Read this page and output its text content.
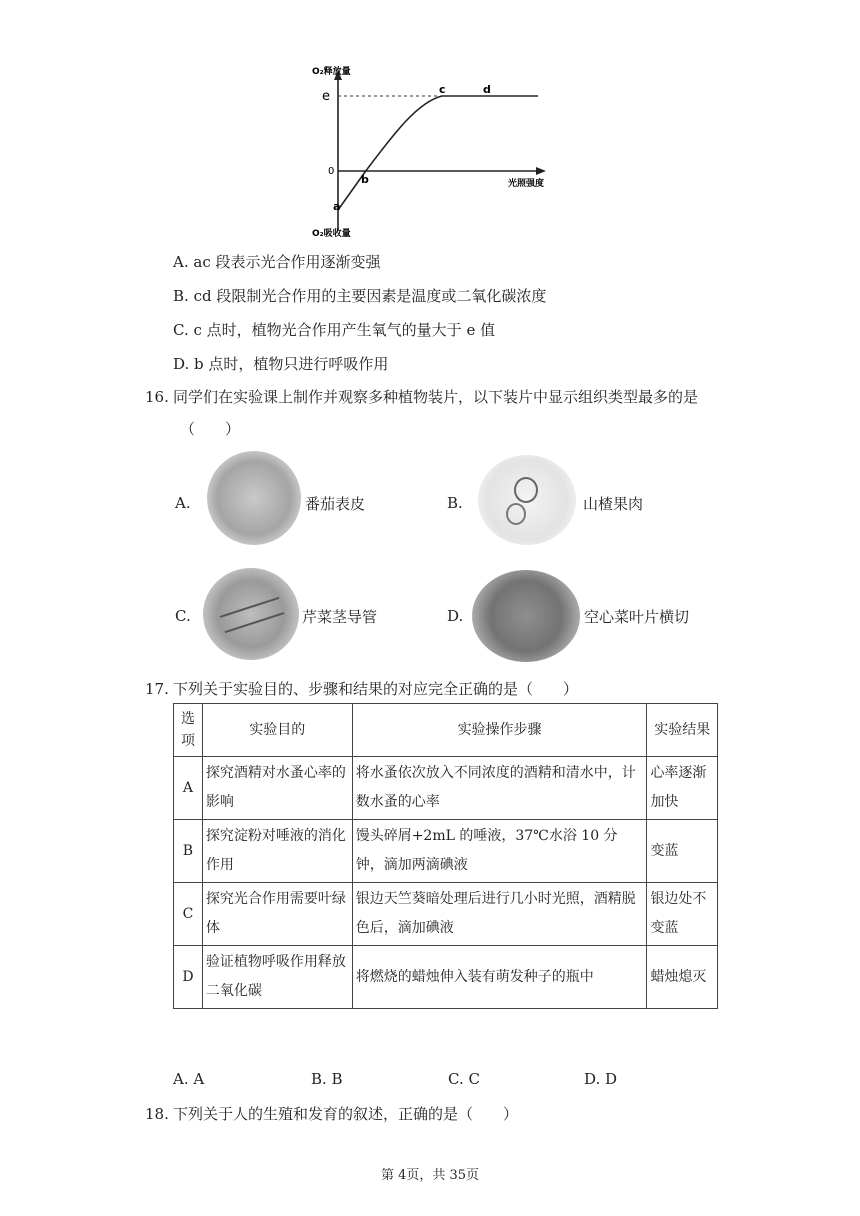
O₂释放量
e
0
a
b
c	d
光照强度
O₂吸收量
A. ac 段表示光合作用逐渐变强
B. cd 段限制光合作用的主要因素是温度或二氧化碳浓度
C. c 点时，植物光合作用产生氧气的量大于 e 值
D. b 点时，植物只进行呼吸作用
16. 同学们在实验课上制作并观察多种植物装片，以下装片中显示组织类型最多的是
（　　）
A.	番茄表皮	B.	山楂果肉
C.	芹菜茎导管	D.	空心菜叶片横切
17. 下列关于实验目的、步骤和结果的对应完全正确的是（　　）
选项	实验目的	实验操作步骤	实验结果
A	探究酒精对水蚤心率的影响	将水蚤依次放入不同浓度的酒精和清水中，计数水蚤的心率	心率逐渐加快
B	探究淀粉对唾液的消化作用	馒头碎屑+2mL 的唾液，37℃水浴 10 分钟，滴加两滴碘液	变蓝
C	探究光合作用需要叶绿体	银边天竺葵暗处理后进行几小时光照，酒精脱色后，滴加碘液	银边处不变蓝
D	验证植物呼吸作用释放二氧化碳	将燃烧的蜡烛伸入装有萌发种子的瓶中	蜡烛熄灭
A. A	B. B	C. C	D. D
18. 下列关于人的生殖和发育的叙述，正确的是（　　）
第 4页，共 35页
